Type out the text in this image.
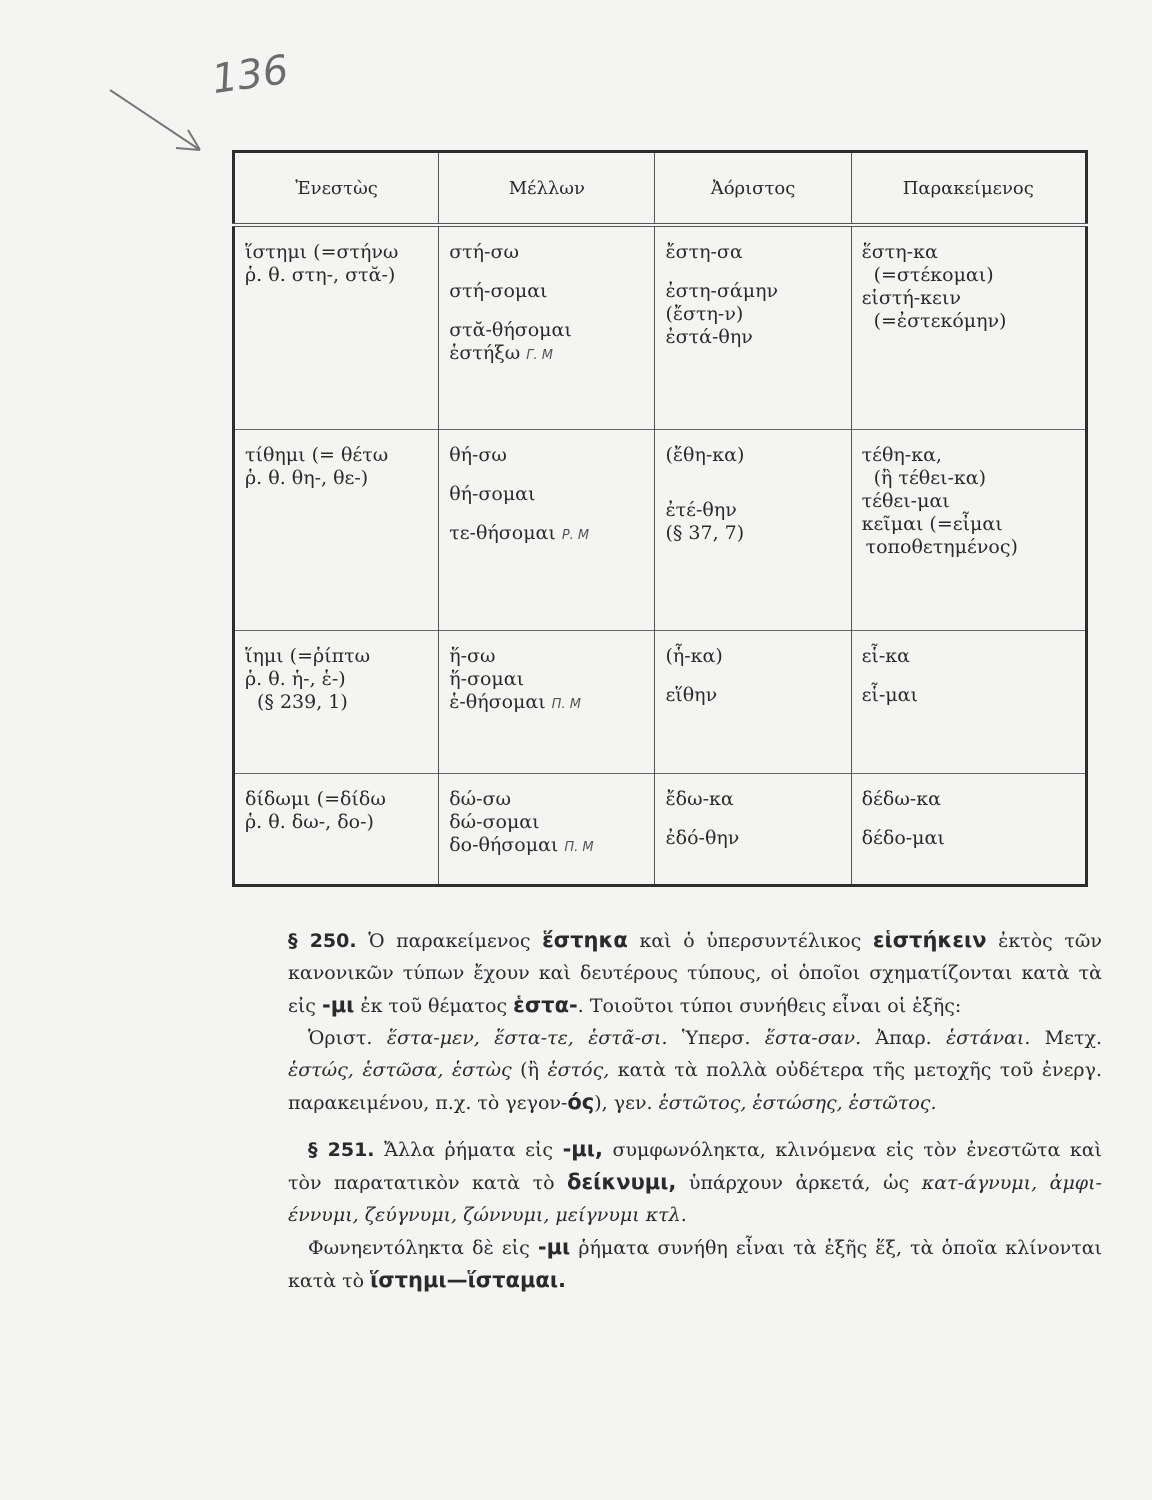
136
Ἐνεστὼς	Μέλλων	Ἀόριστος	Παρακείμενος

ἵστημι (=στήνω
ῥ. θ. στη-, στᾰ-)	στή-σω
στή-σομαι
στᾰ-θήσομαι
ἑστήξω Γ. Μ	ἔστη-σα
ἐστη-σάμην
(ἔστη-ν)
ἐστά-θην	ἕστη-κα
(=στέκομαι)
εἱστή-κειν
(=ἐστεκόμην)

τίθημι (= θέτω
ῥ. θ. θη-, θε-)	θή-σω
θή-σομαι
τε-θήσομαι Ρ. Μ	(ἔθη-κα)
ἐτέ-θην
(§ 37, 7)	τέθη-κα,
(ἢ τέθει-κα)
τέθει-μαι
κεῖμαι (=εἶμαι
τοποθετημένος)

ἵημι (=ῥίπτω
ῥ. θ. ἡ-, ἑ-)
(§ 239, 1)	ἥ-σω
ἥ-σομαι
ἑ-θήσομαι Π. Μ	(ἧ-κα)
εἵθην	εἷ-κα
εἷ-μαι

δίδωμι (=δίδω
ῥ. θ. δω-, δο-)	δώ-σω
δώ-σομαι
δο-θήσομαι Π. Μ	ἔδω-κα
ἐδό-θην	δέδω-κα
δέδο-μαι

§ 250. Ὁ παρακείμενος ἕστηκα καὶ ὁ ὑπερσυντέλικος εἱστήκειν ἐκτὸς τῶν κανονικῶν τύπων ἔχουν καὶ δευτέρους τύπους, οἱ ὁποῖοι σχηματίζονται κατὰ τὰ εἰς -μι ἐκ τοῦ θέματος ἑστα-. Τοιοῦτοι τύποι συνήθεις εἶναι οἱ ἑξῆς:

Ὁριστ. ἕστα-μεν, ἕστα-τε, ἑστᾶ-σι. Ὑπερσ. ἕστα-σαν. Ἀπαρ. ἑστάναι. Μετχ. ἑστώς, ἑστῶσα, ἑστὼς (ἢ ἑστός, κατὰ τὰ πολλὰ οὐδέτερα τῆς μετοχῆς τοῦ ἐνεργ. παρακειμένου, π.χ. τὸ γεγον-ός), γεν. ἑστῶτος, ἑστώσης, ἑστῶτος.

§ 251. Ἄλλα ῥήματα εἰς -μι, συμφωνόληκτα, κλινόμενα εἰς τὸν ἐνεστῶτα καὶ τὸν παρατατικὸν κατὰ τὸ δείκνυμι, ὑπάρχουν ἀρκετά, ὡς κατ-άγνυμι, ἀμφι-έννυμι, ζεύγνυμι, ζώννυμι, μείγνυμι κτλ.

Φωνηεντόληκτα δὲ εἰς -μι ῥήματα συνήθη εἶναι τὰ ἑξῆς ἕξ, τὰ ὁποῖα κλίνονται κατὰ τὸ ἵστημι—ἵσταμαι.
